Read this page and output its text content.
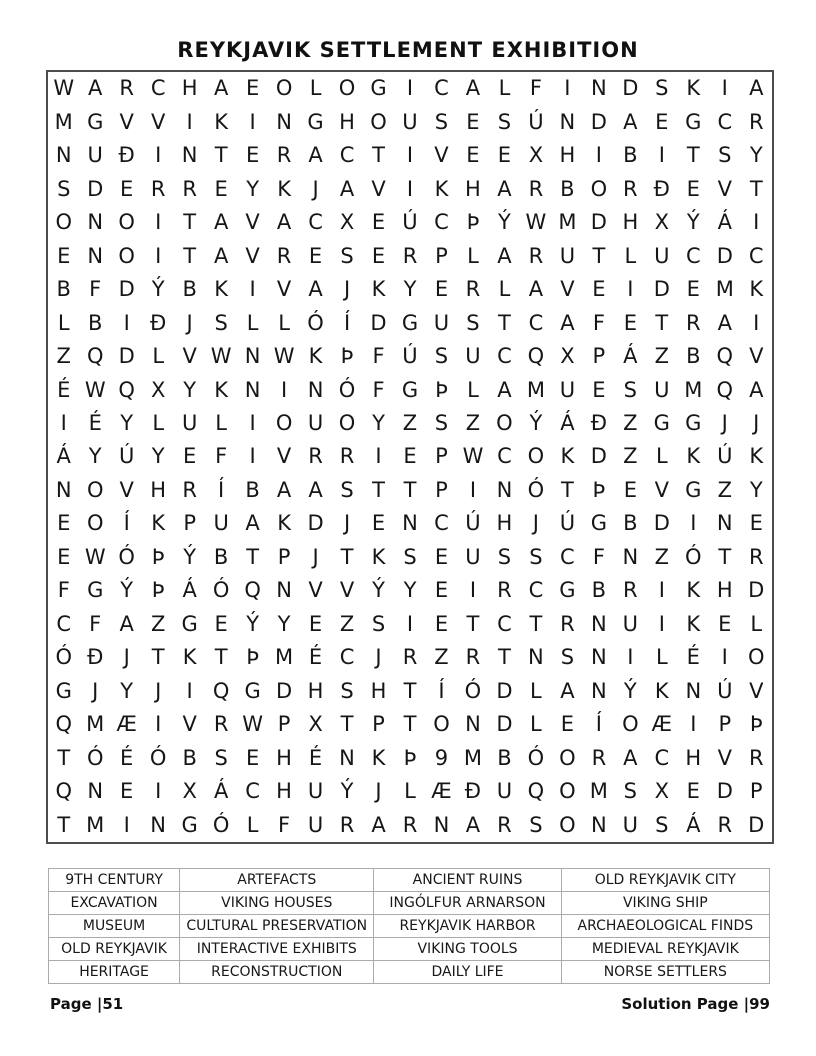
REYKJAVIK SETTLEMENT EXHIBITION
W A R C H A E O L O G I	C A L F	I N D S K	I	A
M G V V	I	K	I N G H O U S E S Ú N D A E G C R
N U Ð I N T E R A C T	I	V E E X H I	B	I	T S Y
S D E R R E Y K	J	A V	I	K H A R B O R Ð E V T
O N O I	T A V A C X E Ú C Þ Ý W M D H X Ý Á	I
E N O I	T A V R E S E R P L A R U T L U C D C
B F D Ý B K	I	V A	J	K Y E R L A V E	I D E M K
L B	I Ð J	S L L Ó Í D G U S T C A F E T R A	I
Z Q D L V W N W K Þ F Ú S U C Q X P Á Z B Q V
É W Q X Y K N I N Ó F G Þ L A M U E S U M Q A
I	É Y L U L	I O U O Y Z S Z O Ý Á Ð Z G G J	J
Á Y Ú Y E F	I	V R R	I	E P W C O K D Z L K Ú K
N O V H R	Í	B A A S T T P	I N Ó T Þ E V G Z Y
E O Í	K P U A K D J	E N C Ú H J Ú G B D I N E
E W Ó Þ Ý B T P	J	T K S E U S S C F N Z Ó T R
F G Ý Þ Á Ó Q N V V Ý Y E	I	R C G B R	I	K H D
C F A Z G E Ý Y E Z S	I	E T C T R N U I	K E L
Ó Ð J	T K T Þ M É C	J	R Z R T N S N I	L É	I O
G J	Y	J	I Q G D H S H T	Í Ó D L A N Ý K N Ú V
Q M Æ I	V R W P X T P T O N D L E	Í O Æ I	P Þ
T Ó É Ó B S E H É N K Þ 9 M B Ó O R A C H V R
Q N E	I	X Á C H U Ý	J	L Æ Ð U Q O M S X E D P
T M I N G Ó L F U R A R N A R S O N U S Á R D
9TH CENTURY	ARTEFACTS	ANCIENT RUINS	OLD REYKJAVIK CITY
EXCAVATION	VIKING HOUSES	INGÓLFUR ARNARSON	VIKING SHIP
MUSEUM	CULTURAL PRESERVATION	REYKJAVIK HARBOR	ARCHAEOLOGICAL FINDS
OLD REYKJAVIK	INTERACTIVE EXHIBITS	VIKING TOOLS	MEDIEVAL REYKJAVIK
HERITAGE	RECONSTRUCTION	DAILY LIFE	NORSE SETTLERS
Page |51	Solution Page |99
